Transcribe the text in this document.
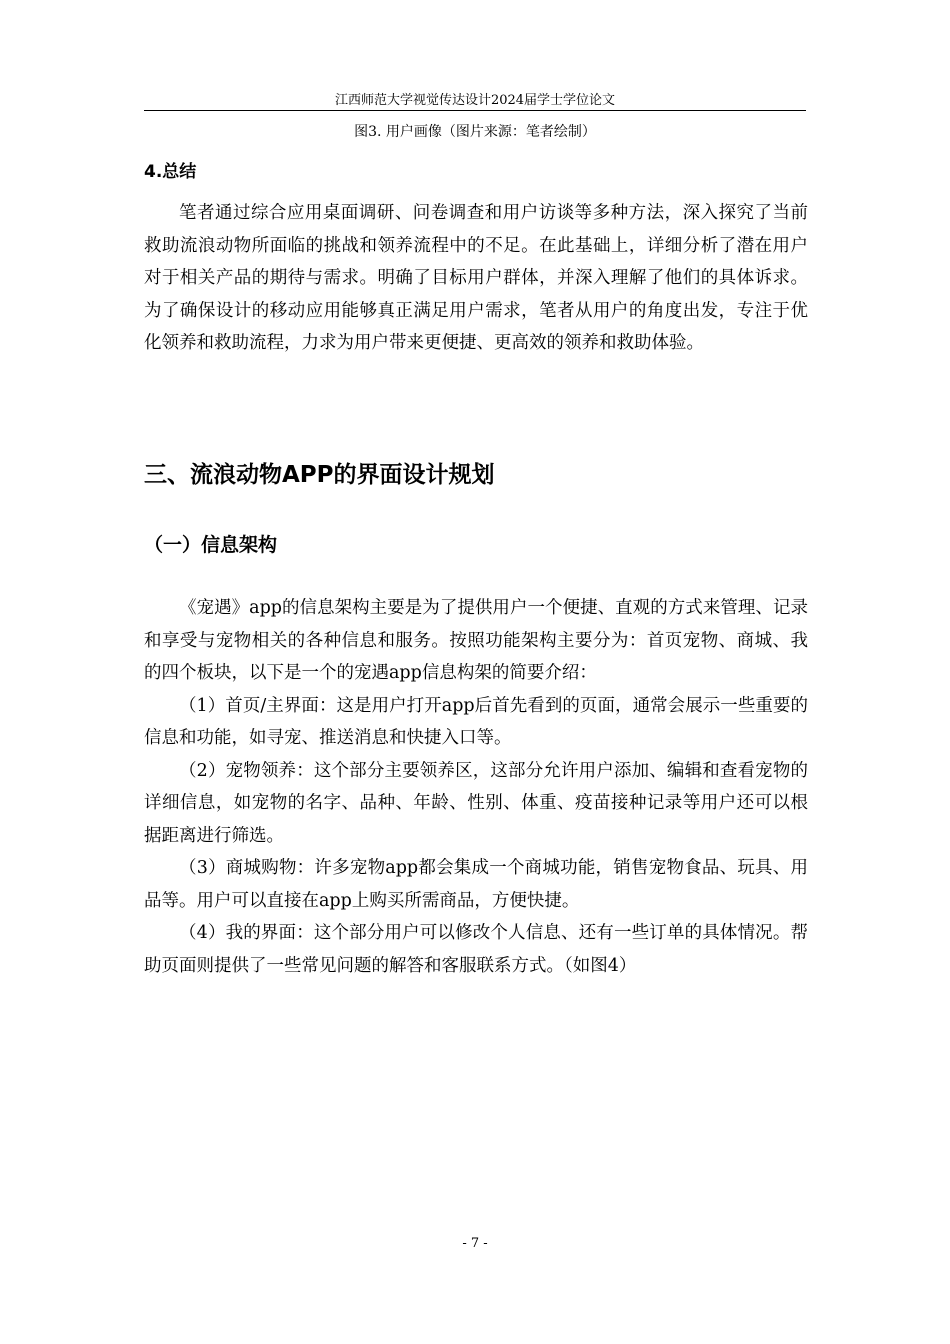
江西师范大学视觉传达设计2024届学士学位论文
图3. 用户画像（图片来源：笔者绘制）
4.总结

笔者通过综合应用桌面调研、问卷调查和用户访谈等多种方法，深入探究了当前救助流浪动物所面临的挑战和领养流程中的不足。在此基础上，详细分析了潜在用户对于相关产品的期待与需求。明确了目标用户群体，并深入理解了他们的具体诉求。为了确保设计的移动应用能够真正满足用户需求，笔者从用户的角度出发，专注于优化领养和救助流程，力求为用户带来更便捷、更高效的领养和救助体验。

三、流浪动物APP的界面设计规划
（一）信息架构

《宠遇》app的信息架构主要是为了提供用户一个便捷、直观的方式来管理、记录和享受与宠物相关的各种信息和服务。按照功能架构主要分为：首页宠物、商城、我的四个板块，以下是一个的宠遇app信息构架的简要介绍：

（1）首页/主界面：这是用户打开app后首先看到的页面，通常会展示一些重要的信息和功能，如寻宠、推送消息和快捷入口等。

（2）宠物领养：这个部分主要领养区，这部分允许用户添加、编辑和查看宠物的详细信息，如宠物的名字、品种、年龄、性别、体重、疫苗接种记录等用户还可以根据距离进行筛选。

（3）商城购物：许多宠物app都会集成一个商城功能，销售宠物食品、玩具、用品等。用户可以直接在app上购买所需商品，方便快捷。

（4）我的界面：这个部分用户可以修改个人信息、还有一些订单的具体情况。帮助页面则提供了一些常见问题的解答和客服联系方式。（如图4）

- 7 -
